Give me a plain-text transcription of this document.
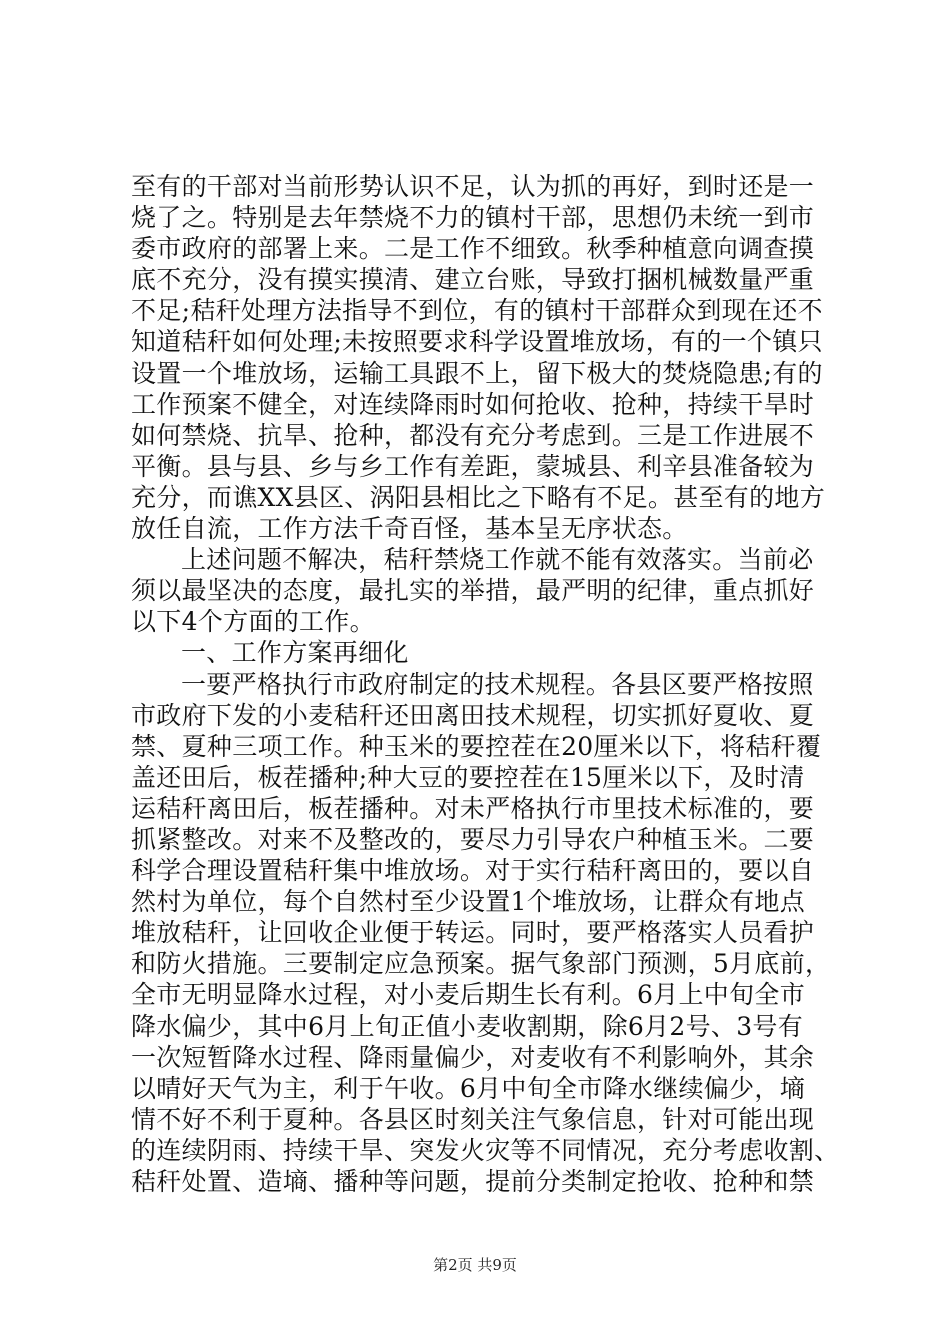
至有的干部对当前形势认识不足，认为抓的再好，到时还是一
烧了之。特别是去年禁烧不力的镇村干部，思想仍未统一到市
委市政府的部署上来。二是工作不细致。秋季种植意向调查摸
底不充分，没有摸实摸清、建立台账，导致打捆机械数量严重
不足;秸秆处理方法指导不到位，有的镇村干部群众到现在还不
知道秸秆如何处理;未按照要求科学设置堆放场，有的一个镇只
设置一个堆放场，运输工具跟不上，留下极大的焚烧隐患;有的
工作预案不健全，对连续降雨时如何抢收、抢种，持续干旱时
如何禁烧、抗旱、抢种，都没有充分考虑到。三是工作进展不
平衡。县与县、乡与乡工作有差距，蒙城县、利辛县准备较为
充分，而谯XX县区、涡阳县相比之下略有不足。甚至有的地方
放任自流，工作方法千奇百怪，基本呈无序状态。
上述问题不解决，秸秆禁烧工作就不能有效落实。当前必
须以最坚决的态度，最扎实的举措，最严明的纪律，重点抓好
以下4个方面的工作。
一、工作方案再细化
一要严格执行市政府制定的技术规程。各县区要严格按照
市政府下发的小麦秸秆还田离田技术规程，切实抓好夏收、夏
禁、夏种三项工作。种玉米的要控茬在20厘米以下，将秸秆覆
盖还田后，板茬播种;种大豆的要控茬在15厘米以下，及时清
运秸秆离田后，板茬播种。对未严格执行市里技术标准的，要
抓紧整改。对来不及整改的，要尽力引导农户种植玉米。二要
科学合理设置秸秆集中堆放场。对于实行秸秆离田的，要以自
然村为单位，每个自然村至少设置1个堆放场，让群众有地点
堆放秸秆，让回收企业便于转运。同时，要严格落实人员看护
和防火措施。三要制定应急预案。据气象部门预测，5月底前，
全市无明显降水过程，对小麦后期生长有利。6月上中旬全市
降水偏少，其中6月上旬正值小麦收割期，除6月2号、3号有
一次短暂降水过程、降雨量偏少，对麦收有不利影响外，其余
以晴好天气为主，利于午收。6月中旬全市降水继续偏少，墒
情不好不利于夏种。各县区时刻关注气象信息，针对可能出现
的连续阴雨、持续干旱、突发火灾等不同情况，充分考虑收割、
秸秆处置、造墒、播种等问题，提前分类制定抢收、抢种和禁
第2页 共9页
